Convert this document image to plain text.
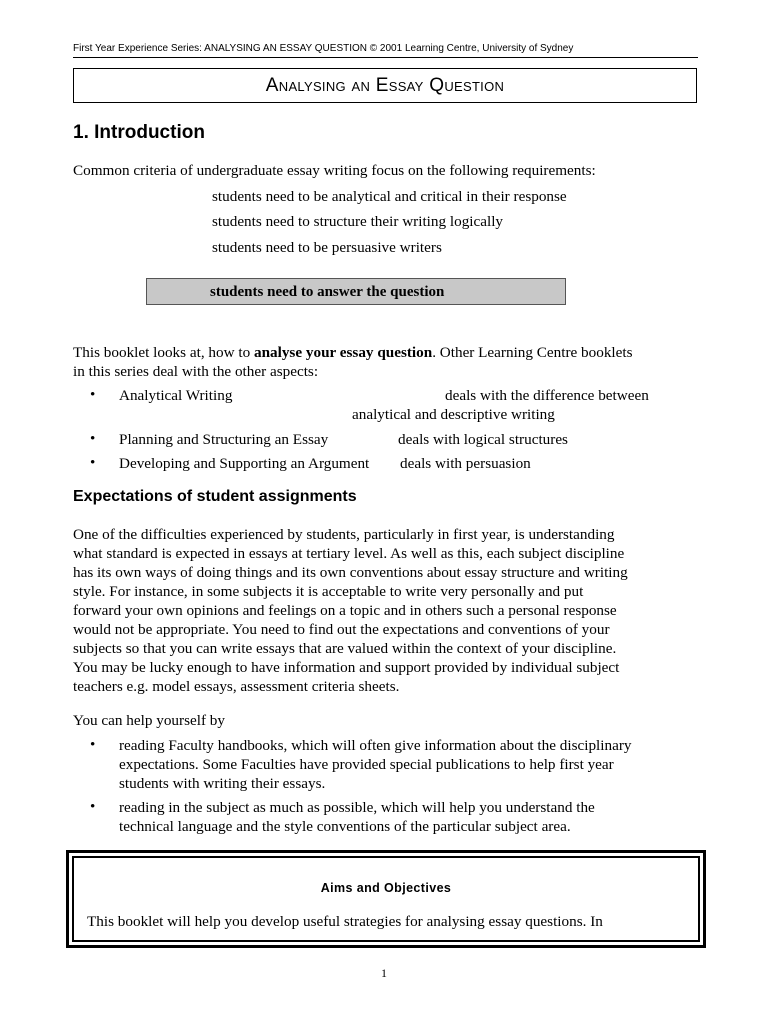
First Year Experience Series: ANALYSING AN ESSAY QUESTION © 2001 Learning Centre, University of Sydney
Analysing an Essay Question
1. Introduction
Common criteria of undergraduate essay writing focus on the following requirements:
students need to be analytical and critical in their response
students need to structure their writing logically
students need to be persuasive writers
students need to answer the question
This booklet looks at, how to analyse your essay question. Other Learning Centre booklets
in this series deal with the other aspects:
• Analytical Writing	deals with the difference between
analytical and descriptive writing
• Planning and Structuring an Essay	deals with logical structures
• Developing and Supporting an Argument deals with persuasion
Expectations of student assignments
One of the difficulties experienced by students, particularly in first year, is understanding
what standard is expected in essays at tertiary level. As well as this, each subject discipline
has its own ways of doing things and its own conventions about essay structure and writing
style. For instance, in some subjects it is acceptable to write very personally and put
forward your own opinions and feelings on a topic and in others such a personal response
would not be appropriate. You need to find out the expectations and conventions of your
subjects so that you can write essays that are valued within the context of your discipline.
You may be lucky enough to have information and support provided by individual subject
teachers e.g. model essays, assessment criteria sheets.
You can help yourself by
• reading Faculty handbooks, which will often give information about the disciplinary
expectations. Some Faculties have provided special publications to help first year
students with writing their essays.
• reading in the subject as much as possible, which will help you understand the
technical language and the style conventions of the particular subject area.
Aims and Objectives
This booklet will help you develop useful strategies for analysing essay questions. In
1
